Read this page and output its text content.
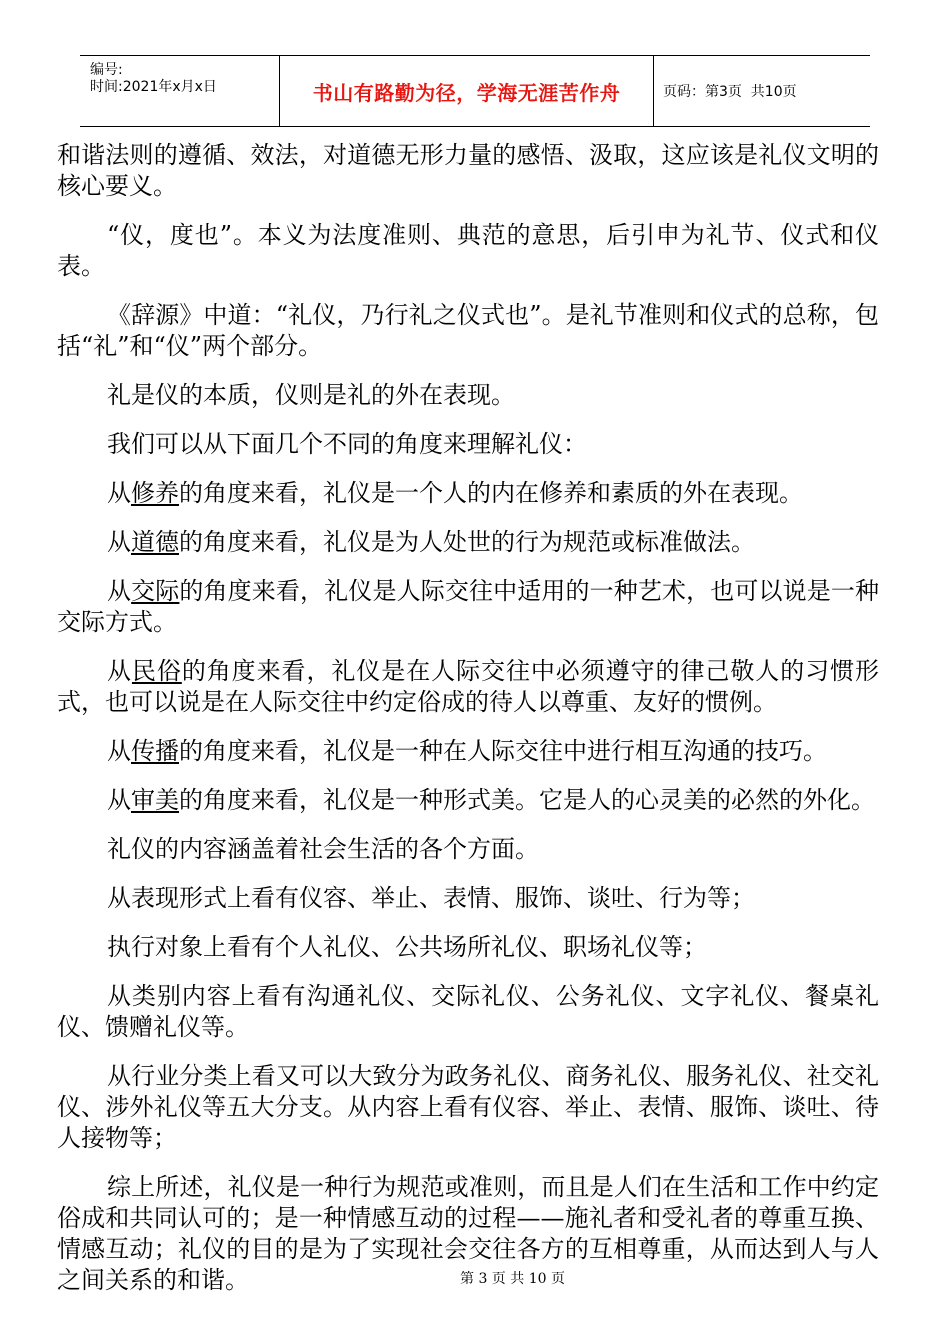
编号:
时间:2021年x月x日	书山有路勤为径，学海无涯苦作舟	页码：第3页  共10页

和谐法则的遵循、效法，对道德无形力量的感悟、汲取，这应该是礼仪文明的核心要义。

“仪，度也”。本义为法度准则、典范的意思，后引申为礼节、仪式和仪表。

《辞源》中道：“礼仪，乃行礼之仪式也”。是礼节准则和仪式的总称，包括“礼”和“仪”两个部分。

礼是仪的本质，仪则是礼的外在表现。

我们可以从下面几个不同的角度来理解礼仪：

从修养的角度来看，礼仪是一个人的内在修养和素质的外在表现。

从道德的角度来看，礼仪是为人处世的行为规范或标准做法。

从交际的角度来看，礼仪是人际交往中适用的一种艺术，也可以说是一种交际方式。

从民俗的角度来看，礼仪是在人际交往中必须遵守的律己敬人的习惯形式，也可以说是在人际交往中约定俗成的待人以尊重、友好的惯例。

从传播的角度来看，礼仪是一种在人际交往中进行相互沟通的技巧。

从审美的角度来看，礼仪是一种形式美。它是人的心灵美的必然的外化。

礼仪的内容涵盖着社会生活的各个方面。

从表现形式上看有仪容、举止、表情、服饰、谈吐、行为等；

执行对象上看有个人礼仪、公共场所礼仪、职场礼仪等；

从类别内容上看有沟通礼仪、交际礼仪、公务礼仪、文字礼仪、餐桌礼仪、馈赠礼仪等。

从行业分类上看又可以大致分为政务礼仪、商务礼仪、服务礼仪、社交礼仪、涉外礼仪等五大分支。从内容上看有仪容、举止、表情、服饰、谈吐、待人接物等；

综上所述，礼仪是一种行为规范或准则，而且是人们在生活和工作中约定俗成和共同认可的；是一种情感互动的过程——施礼者和受礼者的尊重互换、情感互动；礼仪的目的是为了实现社会交往各方的互相尊重，从而达到人与人之间关系的和谐。	第 3 页 共 10 页
